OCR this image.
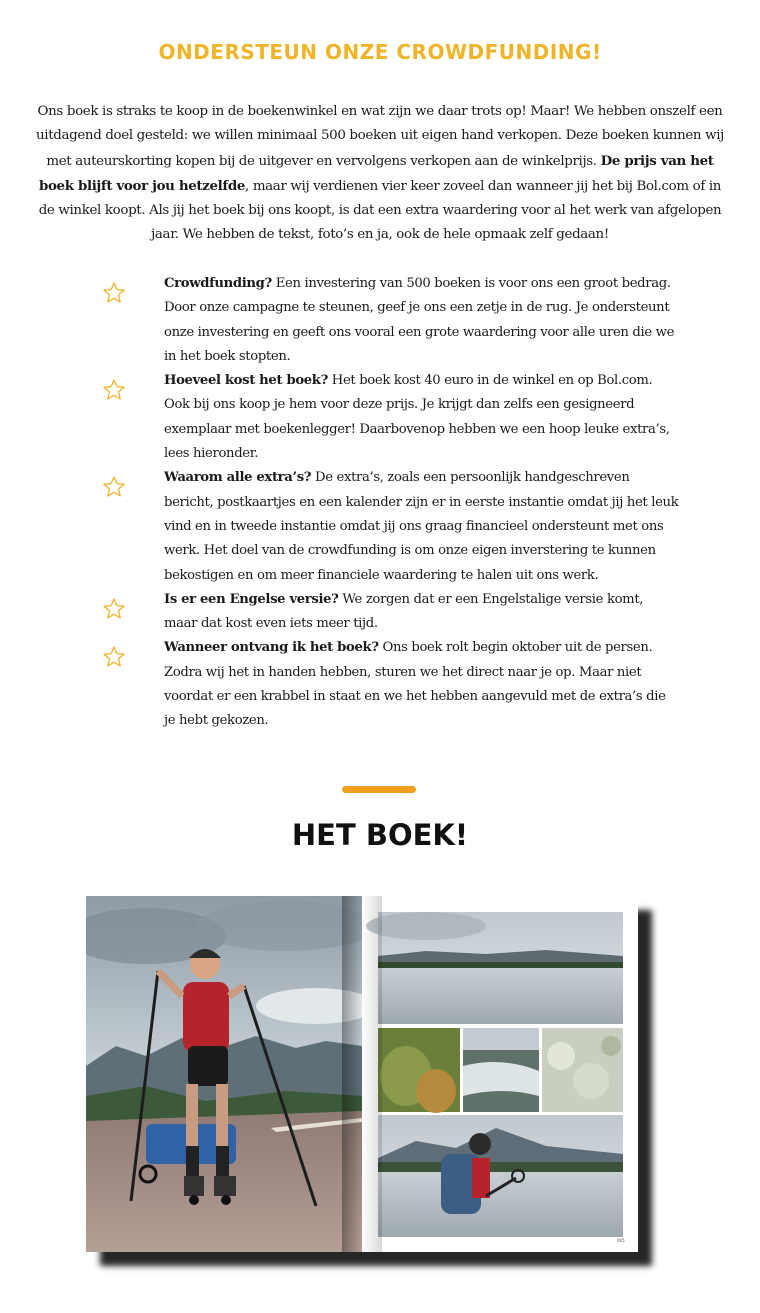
ONDERSTEUN ONZE CROWDFUNDING!

Ons boek is straks te koop in de boekenwinkel en wat zijn we daar trots op! Maar! We hebben onszelf een uitdagend doel gesteld: we willen minimaal 500 boeken uit eigen hand verkopen. Deze boeken kunnen wij met auteurskorting kopen bij de uitgever en vervolgens verkopen aan de winkelprijs. De prijs van het boek blijft voor jou hetzelfde, maar wij verdienen vier keer zoveel dan wanneer jij het bij Bol.com of in de winkel koopt. Als jij het boek bij ons koopt, is dat een extra waardering voor al het werk van afgelopen jaar. We hebben de tekst, foto’s en ja, ook de hele opmaak zelf gedaan!

Crowdfunding? Een investering van 500 boeken is voor ons een groot bedrag. Door onze campagne te steunen, geef je ons een zetje in de rug. Je ondersteunt onze investering en geeft ons vooral een grote waardering voor alle uren die we in het boek stopten.
Hoeveel kost het boek? Het boek kost 40 euro in de winkel en op Bol.com. Ook bij ons koop je hem voor deze prijs. Je krijgt dan zelfs een gesigneerd exemplaar met boekenlegger! Daarbovenop hebben we een hoop leuke extra’s, lees hieronder.
Waarom alle extra’s? De extra’s, zoals een persoonlijk handgeschreven bericht, postkaartjes en een kalender zijn er in eerste instantie omdat jij het leuk vind en in tweede instantie omdat jij ons graag financieel ondersteunt met ons werk. Het doel van de crowdfunding is om onze eigen inverstering te kunnen bekostigen en om meer financiele waardering te halen uit ons werk.
Is er een Engelse versie? We zorgen dat er een Engelstalige versie komt, maar dat kost even iets meer tijd.
Wanneer ontvang ik het boek? Ons boek rolt begin oktober uit de persen. Zodra wij het in handen hebben, sturen we het direct naar je op. Maar niet voordat er een krabbel in staat en we het hebben aangevuld met de extra’s die je hebt gekozen.
HET BOEK!
005
